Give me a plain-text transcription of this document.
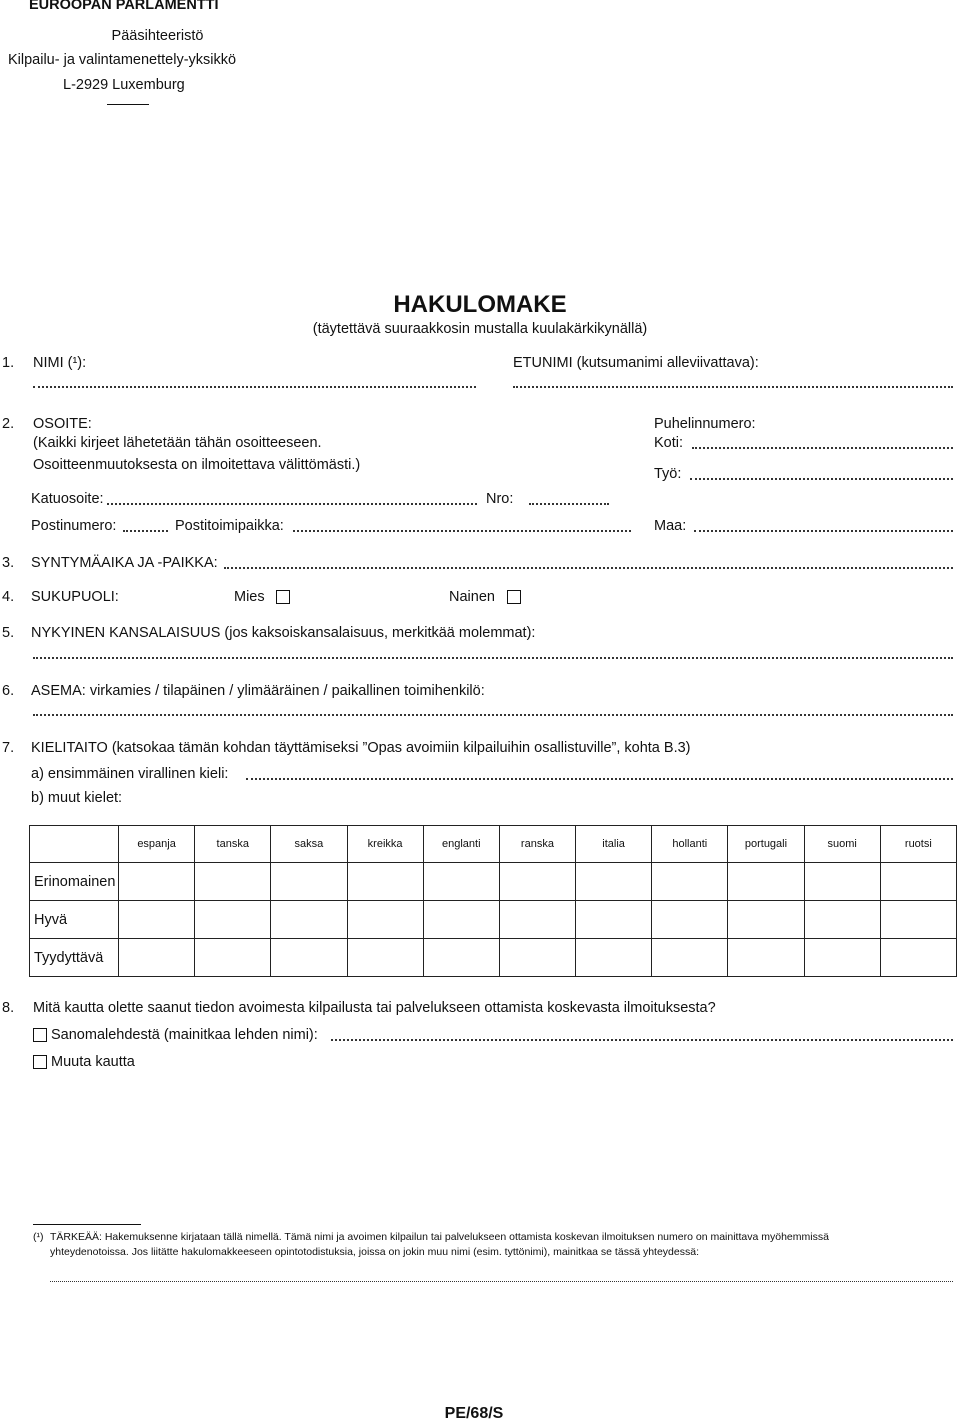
EUROOPAN PARLAMENTTI
Pääsihteeristö
Kilpailu- ja valintamenettely-yksikkö
L-2929 Luxemburg
HAKULOMAKE
(täytettävä suuraakkosin mustalla kuulakärkikynällä)
1. NIMI (¹):	ETUNIMI (kutsumanimi alleviivattava):
2. OSOITE:
(Kaikki kirjeet lähetetään tähän osoitteeseen.
Osoitteenmuutoksesta on ilmoitettava välittömästi.)
Puhelinnumero:
Koti:
Työ:
Katuosoite:	Nro:
Postinumero:	Postitoimipaikka:	Maa:
3. SYNTYMÄAIKA JA -PAIKKA:
4. SUKUPUOLI:	Mies	Nainen
5. NYKYINEN KANSALAISUUS (jos kaksoiskansalaisuus, merkitkää molemmat):
6. ASEMA: virkamies / tilapäinen / ylimääräinen / paikallinen toimihenkilö:
7. KIELITAITO (katsokaa tämän kohdan täyttämiseksi ”Opas avoimiin kilpailuihin osallistuville”, kohta B.3)
a) ensimmäinen virallinen kieli:
b) muut kielet:
	espanja	tanska	saksa	kreikka	englanti	ranska	italia	hollanti	portugali	suomi	ruotsi
Erinomainen											
Hyvä											
Tyydyttävä											
8. Mitä kautta olette saanut tiedon avoimesta kilpailusta tai palvelukseen ottamista koskevasta ilmoituksesta?
Sanomalehdestä (mainitkaa lehden nimi):
Muuta kautta
(¹) TÄRKEÄÄ: Hakemuksenne kirjataan tällä nimellä. Tämä nimi ja avoimen kilpailun tai palvelukseen ottamista koskevan ilmoituksen numero on mainittava myöhemmissä
yhteydenotoissa. Jos liitätte hakulomakkeeseen opintotodistuksia, joissa on jokin muu nimi (esim. tyttönimi), mainitkaa se tässä yhteydessä:
PE/68/S
